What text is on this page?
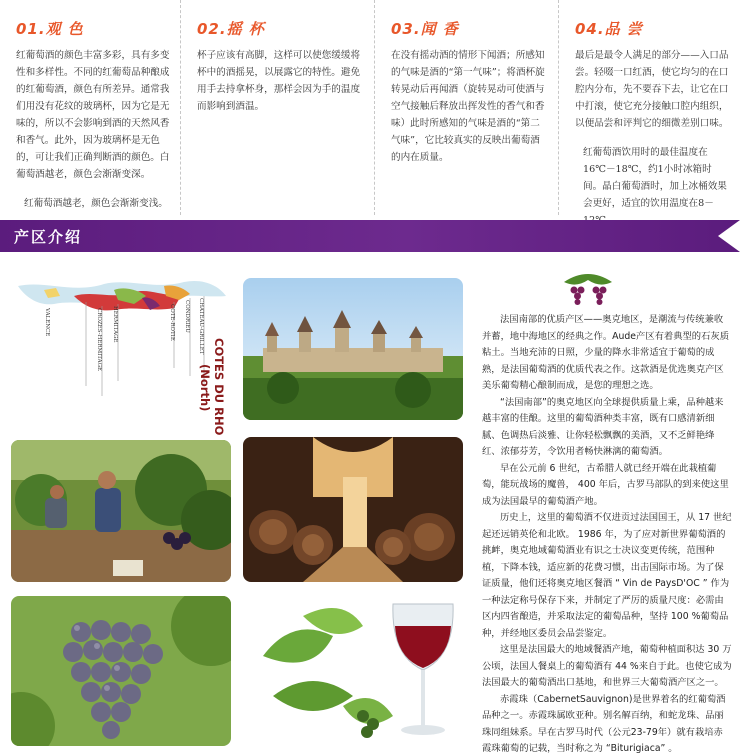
01.观 色
红葡萄酒的颜色丰富多彩，具有多变性和多样性。不同的红葡萄品种酿成的红葡萄酒，颜色有所差异。通常我们用没有花纹的玻璃杯，因为它是无味的，所以不会影响到酒的天然风香和香气。此外，因为玻璃杯是无色的，可让我们正确判断酒的颜色。白葡萄酒越老，颜色会渐渐变深。
红葡萄酒越老，颜色会渐渐变浅。
02.摇 杯
杯子应该有高脚，这样可以使您缓缓将杯中的酒摇晃，以展露它的特性。避免用手去持拿杯身，那样会因为手的温度而影响到酒温。
03.闻 香
在没有摇动酒的情形下闻酒；所感知的气味是酒的“第一气味”；将酒杯旋转晃动后再闻酒（旋转晃动可使酒与空气接触后释放出挥发性的香气和香味）此时所感知的气味是酒的“第二气味”，它比较真实的反映出葡萄酒的内在质量。
04.品 尝
最后是最令人满足的部分——入口品尝。轻啜一口红酒，使它均匀的在口腔内分布，先不要吞下去，让它在口中打滚，使它充分接触口腔内组织，以便品尝和评判它的细微差别口味。
红葡萄酒饮用时的最佳温度在16℃－18℃，约1小时冰箱时间。晶白葡萄酒时，加上冰桶效果会更好，适宜的饮用温度在8－
产区介绍
VALENCE	CROZES-HERMITAGE HERMITAGE	COTE-ROTIE CONDRIEU CHATEAU-GRILLET
COTES DU RHO
(North)

法国南部的优质产区——奥克地区，是潮流与传统兼收并蓄，地中海地区的经典之作。Aude产区有着典型的石灰质粘土。当地充沛的日照，少量的降水非常适宜于葡萄的成熟，是法国葡萄酒的优质代表之作。这款酒是优选奥克产区美乐葡萄精心酿制而成，是您的理想之选。

“法国南部”的奥克地区向全球提供质量上乘，品种越来越丰富的佳酿。这里的葡萄酒种类丰富，既有口感清新细腻、色调热后淡雅、让你轻松飘飘的美酒，又不乏鲜艳绛红、浓郁芬芳，令饮用者畅快淋漓的葡萄酒。

早在公元前 6 世纪，古希腊人就已经开端在此栽植葡萄，能玩战场的魔兽， 400 年后，古罗马部队的到来使这里成为法国最早的葡萄酒产地。

历史上，这里的葡萄酒不仅进贡过法国国王，从 17 世纪起还远销英伦和北欧。 1986 年，为了应对新世界葡萄酒的挑衅，奥克地域葡萄酒业有识之士决议变更传统，范围种植，下降本钱，适应新的花费习惯，出击国际市场。为了保证质量，他们还将奥克地区餐酒 “ Vin de PaysD'OC ” 作为一种法定称号保存下来，并制定了严厉的质量尺度：必需由区内四省酿造，并采取法定的葡萄品种，坚持 100 %葡萄品种，并经地区委员会品尝鉴定。

这里是法国最大的地域餐酒产地，葡萄种植面积达 30 万公顷，法国人餐桌上的葡萄酒有 44 %来自于此。也使它成为法国最大的葡萄酒出口基地，和世界三大葡萄酒产区之一。

赤霞珠（CabernetSauvignon)是世界着名的红葡萄酒品种之一。赤霞珠属欧亚种。别名解百纳，和蛇龙珠、品丽珠同组妹系。早在古罗马时代（公元23-79年）就有栽培赤霞珠葡萄的记载，当时称之为 “Biturigiaca” 。
